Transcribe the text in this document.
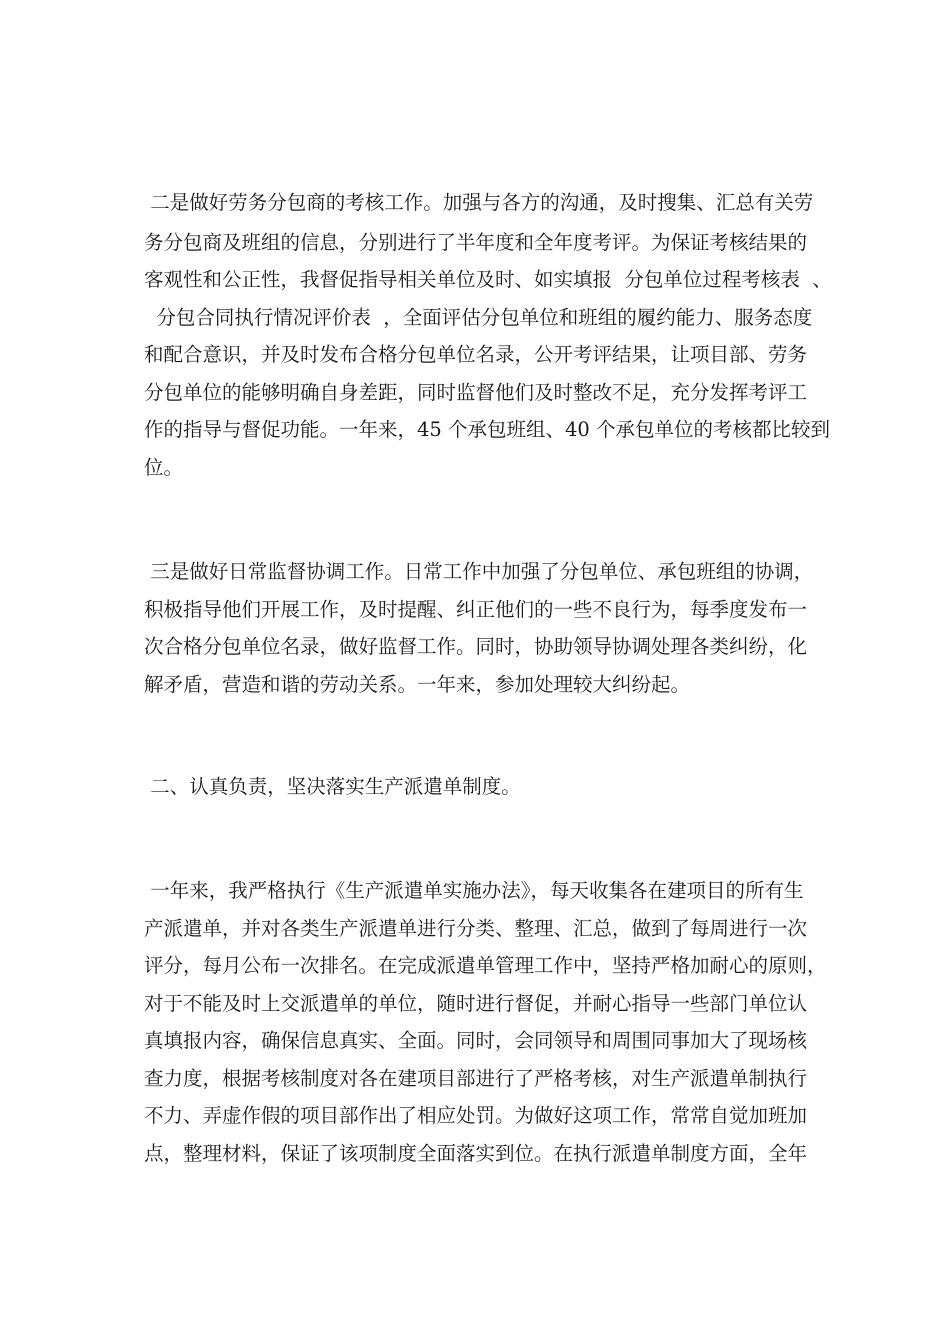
二是做好劳务分包商的考核工作。加强与各方的沟通，及时搜集、汇总有关劳
务分包商及班组的信息，分别进行了半年度和全年度考评。为保证考核结果的
客观性和公正性，我督促指导相关单位及时、如实填报  分包单位过程考核表  、
分包合同执行情况评价表  ，全面评估分包单位和班组的履约能力、服务态度
和配合意识，并及时发布合格分包单位名录，公开考评结果，让项目部、劳务
分包单位的能够明确自身差距，同时监督他们及时整改不足，充分发挥考评工
作的指导与督促功能。一年来，45 个承包班组、40 个承包单位的考核都比较到
位。
三是做好日常监督协调工作。日常工作中加强了分包单位、承包班组的协调，
积极指导他们开展工作，及时提醒、纠正他们的一些不良行为，每季度发布一
次合格分包单位名录，做好监督工作。同时，协助领导协调处理各类纠纷，化
解矛盾，营造和谐的劳动关系。一年来，参加处理较大纠纷起。
二、认真负责，坚决落实生产派遣单制度。
一年来，我严格执行《生产派遣单实施办法》，每天收集各在建项目的所有生
产派遣单，并对各类生产派遣单进行分类、整理、汇总，做到了每周进行一次
评分，每月公布一次排名。在完成派遣单管理工作中，坚持严格加耐心的原则，
对于不能及时上交派遣单的单位，随时进行督促，并耐心指导一些部门单位认
真填报内容，确保信息真实、全面。同时，会同领导和周围同事加大了现场核
查力度，根据考核制度对各在建项目部进行了严格考核，对生产派遣单制执行
不力、弄虚作假的项目部作出了相应处罚。为做好这项工作，常常自觉加班加
点，整理材料，保证了该项制度全面落实到位。在执行派遣单制度方面，全年
